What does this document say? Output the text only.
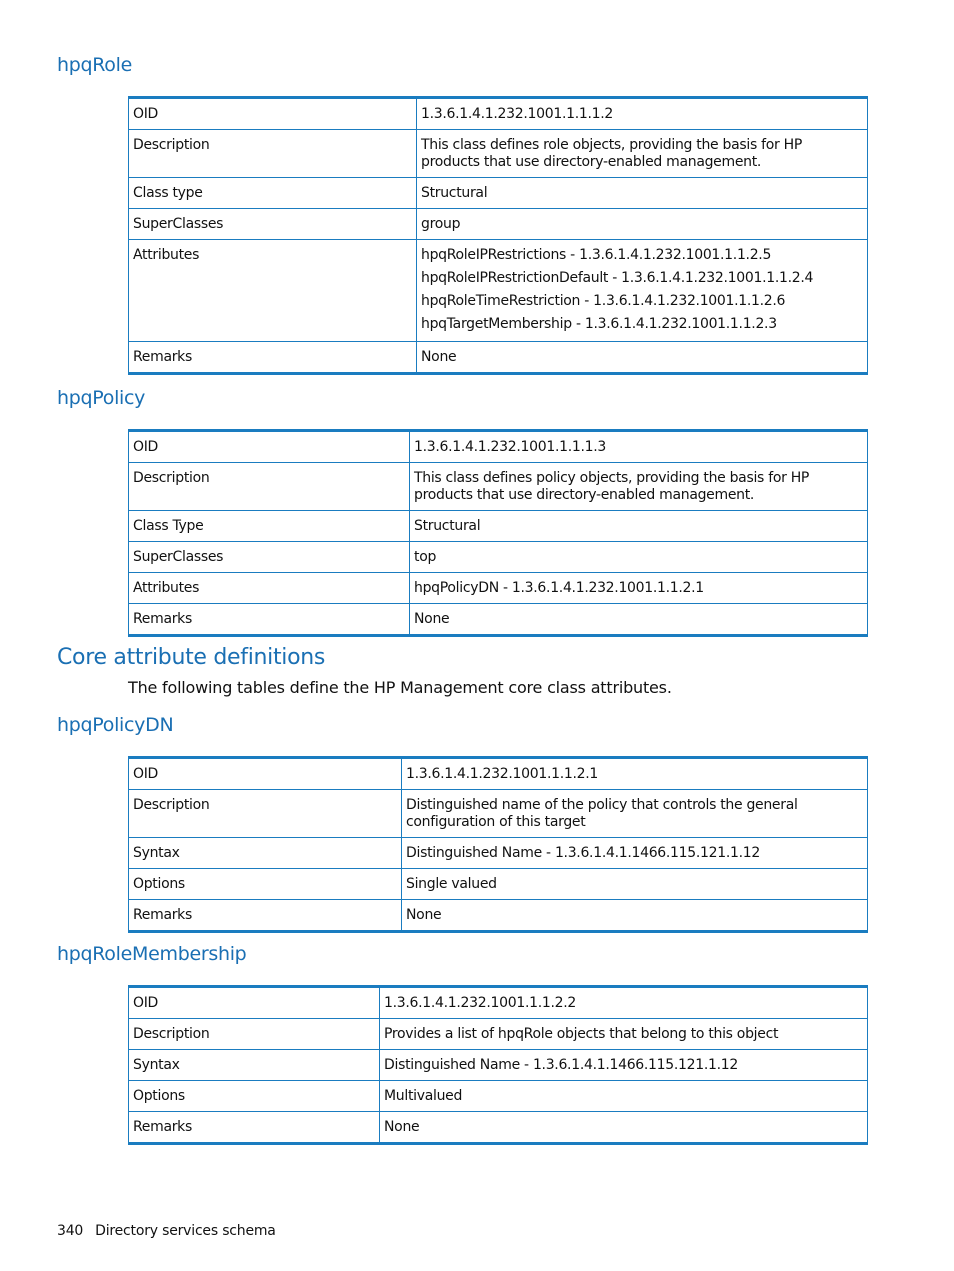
hpqRole
OID	1.3.6.1.4.1.232.1001.1.1.1.2
Description	This class defines role objects, providing the basis for HP products that use directory-enabled management.
Class type	Structural
SuperClasses	group
Attributes	hpqRoleIPRestrictions - 1.3.6.1.4.1.232.1001.1.1.2.5
hpqRoleIPRestrictionDefault - 1.3.6.1.4.1.232.1001.1.1.2.4
hpqRoleTimeRestriction - 1.3.6.1.4.1.232.1001.1.1.2.6
hpqTargetMembership - 1.3.6.1.4.1.232.1001.1.1.2.3

Remarks	None
hpqPolicy
OID	1.3.6.1.4.1.232.1001.1.1.1.3
Description	This class defines policy objects, providing the basis for HP products that use directory-enabled management.
Class Type	Structural
SuperClasses	top
Attributes	hpqPolicyDN - 1.3.6.1.4.1.232.1001.1.1.2.1
Remarks	None
Core attribute definitions

The following tables define the HP Management core class attributes.

hpqPolicyDN
OID	1.3.6.1.4.1.232.1001.1.1.2.1
Description	Distinguished name of the policy that controls the general configuration of this target
Syntax	Distinguished Name - 1.3.6.1.4.1.1466.115.121.1.12
Options	Single valued
Remarks	None
hpqRoleMembership
OID	1.3.6.1.4.1.232.1001.1.1.2.2
Description	Provides a list of hpqRole objects that belong to this object
Syntax	Distinguished Name - 1.3.6.1.4.1.1466.115.121.1.12
Options	Multivalued
Remarks	None
340 Directory services schema
